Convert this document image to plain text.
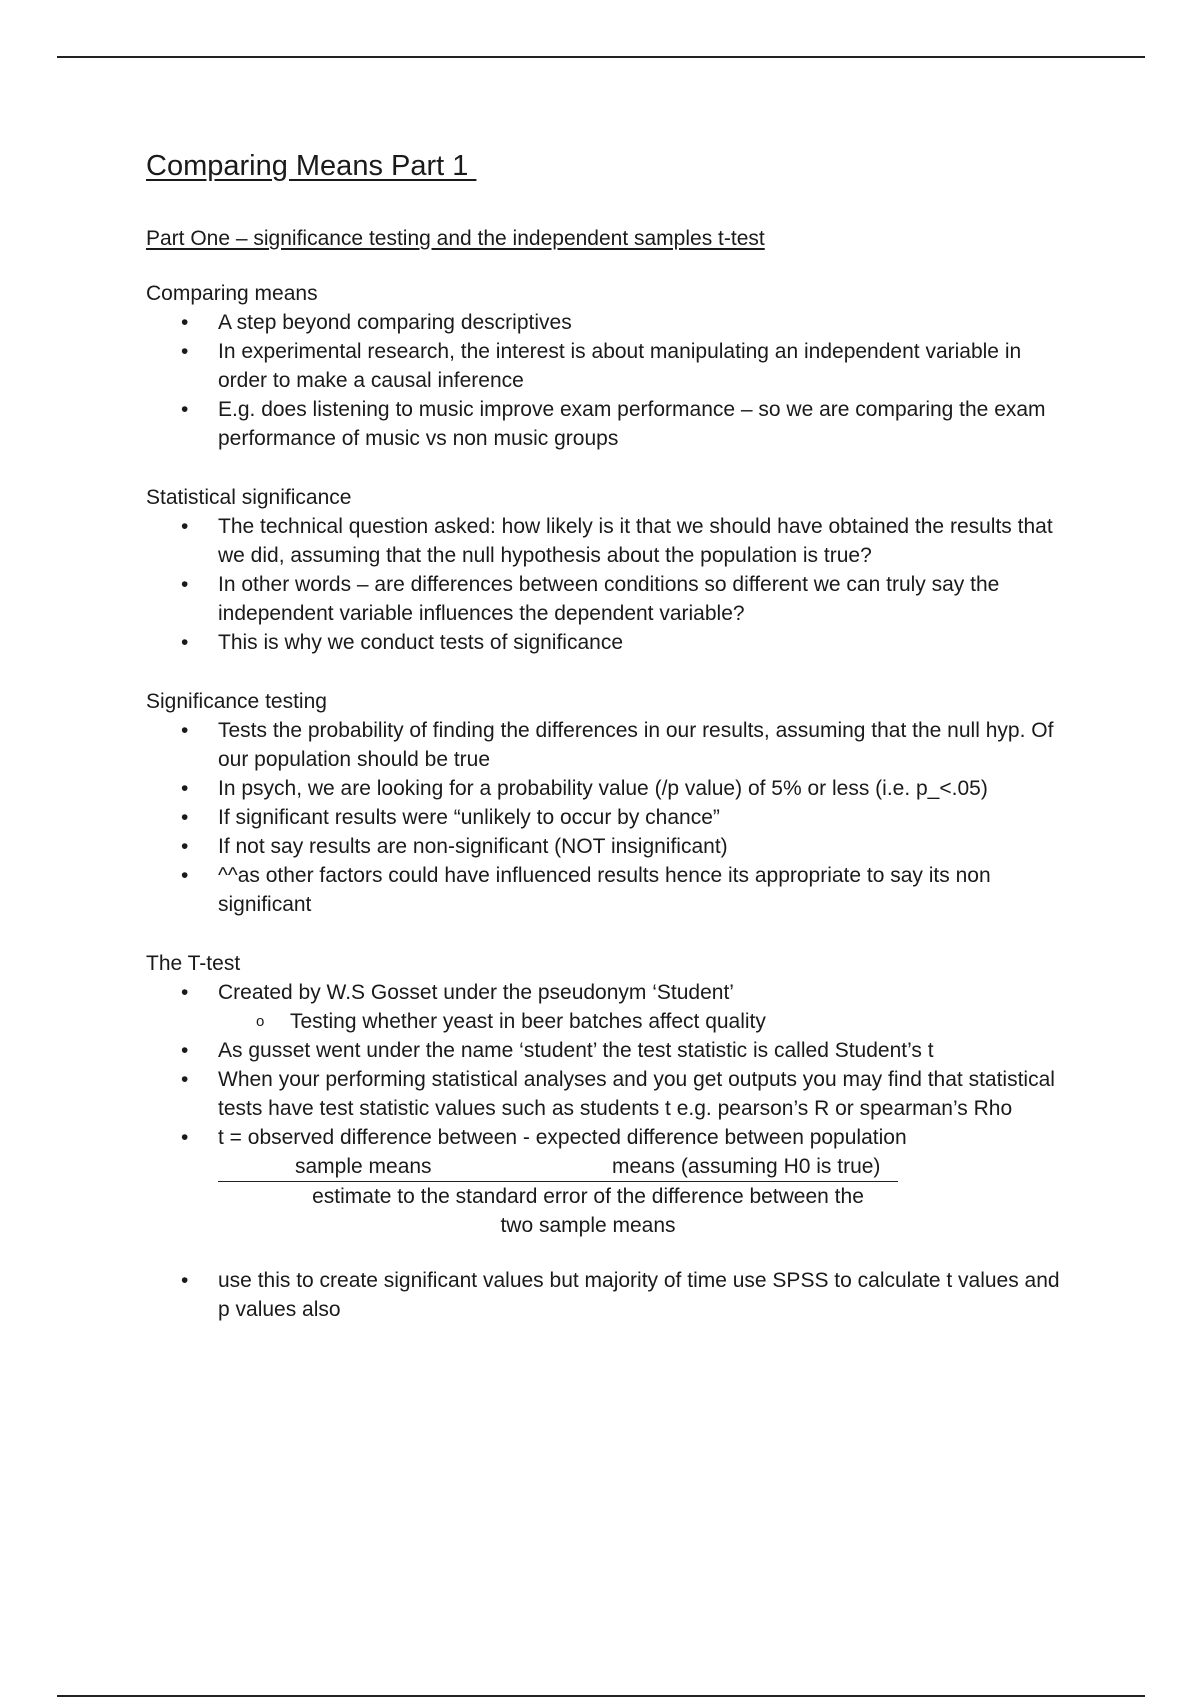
Comparing Means Part 1
Part One – significance testing and the independent samples t-test
Comparing means
• A step beyond comparing descriptives
• In experimental research, the interest is about manipulating an independent variable in order to make a causal inference
• E.g. does listening to music improve exam performance – so we are comparing the exam performance of music vs non music groups
Statistical significance
• The technical question asked: how likely is it that we should have obtained the results that we did, assuming that the null hypothesis about the population is true?
• In other words – are differences between conditions so different we can truly say the independent variable influences the dependent variable?
• This is why we conduct tests of significance
Significance testing
• Tests the probability of finding the differences in our results, assuming that the null hyp. Of our population should be true
• In psych, we are looking for a probability value (/p value) of 5% or less (i.e. p_<.05)
• If significant results were “unlikely to occur by chance”
• If not say results are non-significant (NOT insignificant)
• ^^as other factors could have influenced results hence its appropriate to say its non significant
The T-test
• Created by W.S Gosset under the pseudonym ‘Student’
o Testing whether yeast in beer batches affect quality
• As gusset went under the name ‘student’ the test statistic is called Student’s t
• When your performing statistical analyses and you get outputs you may find that statistical tests have test statistic values such as students t e.g. pearson’s R or spearman’s Rho
• t = observed difference between - expected difference between population
sample means	means (assuming H0 is true)
estimate to the standard error of the difference between the
two sample means
• use this to create significant values but majority of time use SPSS to calculate t values and p values also
